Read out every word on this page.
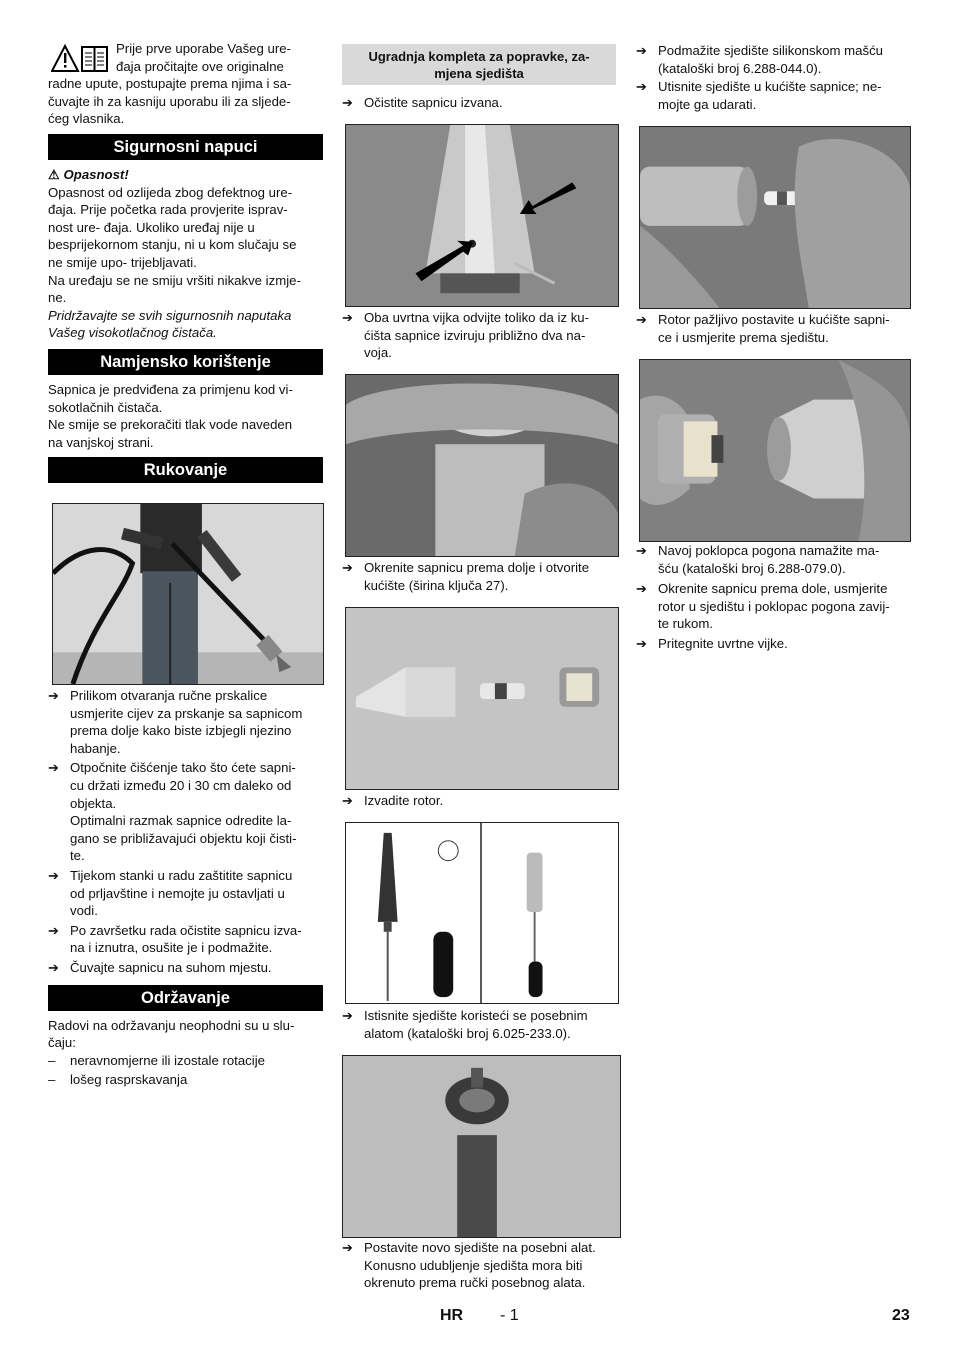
Prije prve uporabe Vašeg ure-

đaja pročitajte ove originalne

radne upute, postupajte prema njima i sa-

čuvajte ih za kasniju uporabu ili za sljede-

ćeg vlasnika.

Sigurnosni napuci

⚠ Opasnost!

Opasnost od ozlijeda zbog defektnog ure-

đaja. Prije početka rada provjerite isprav-

nost ure- đaja. Ukoliko uređaj nije u

besprijekornom stanju, ni u kom slučaju se

ne smije upo- trijebljavati.

Na uređaju se ne smiju vršiti nikakve izmje-

ne.

Pridržavajte se svih sigurnosnih naputaka

Vašeg visokotlačnog čistača.

Namjensko korištenje

Sapnica je predviđena za primjenu kod vi-

sokotlačnih čistača.

Ne smije se prekoračiti tlak vode naveden

na vanjskoj strani.

Rukovanje
➔ Prilikom otvaranja ručne prskalice

usmjerite cijev za prskanje sa sapnicom

prema dolje kako biste izbjegli njezino

habanje.

➔ Otpočnite čišćenje tako što ćete sapni-

cu držati između 20 i 30 cm daleko od

objekta.

Optimalni razmak sapnice odredite la-

gano se približavajući objektu koji čisti-

te.

➔ Tijekom stanki u radu zaštitite sapnicu

od prljavštine i nemojte ju ostavljati u

vodi.

➔ Po završetku rada očistite sapnicu izva-

na i iznutra, osušite je i podmažite.

➔ Čuvajte sapnicu na suhom mjestu.

Održavanje

Radovi na održavanju neophodni su u slu-

čaju:

– neravnomjerne ili izostale rotacije

– lošeg rasprskavanja

Ugradnja kompleta za popravke, za-

mjena sjedišta

➔ Očistite sapnicu izvana.

➔ Oba uvrtna vijka odvijte toliko da iz ku-

ćišta sapnice izviruju približno dva na-

voja.

➔ Okrenite sapnicu prema dolje i otvorite

kućište (širina ključa 27).

➔ Izvadite rotor.

➔ Istisnite sjedište koristeći se posebnim

alatom (kataloški broj 6.025-233.0).

➔ Postavite novo sjedište na posebni alat.

Konusno udubljenje sjedišta mora biti

okrenuto prema ručki posebnog alata.

➔ Podmažite sjedište silikonskom mašću

(kataloški broj 6.288-044.0).

➔ Utisnite sjedište u kućište sapnice; ne-

mojte ga udarati.

➔ Rotor pažljivo postavite u kućište sapni-

ce i usmjerite prema sjedištu.

➔ Navoj poklopca pogona namažite ma-

šću (kataloški broj 6.288-079.0).

➔ Okrenite sapnicu prema dole, usmjerite

rotor u sjedištu i poklopac pogona zavij-

te rukom.

➔ Pritegnite uvrtne vijke.

HR - 1	23
